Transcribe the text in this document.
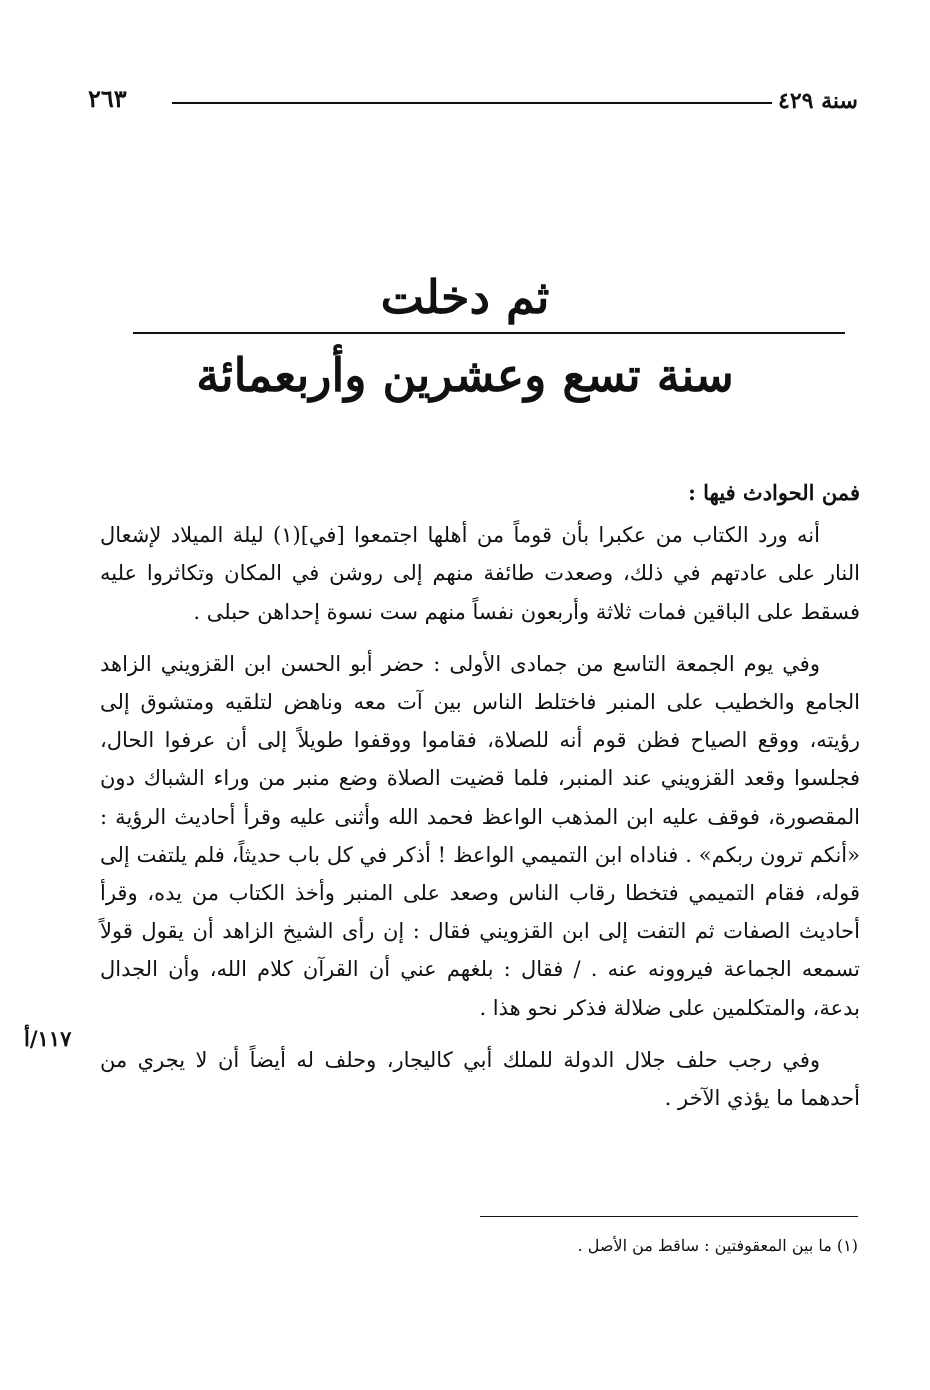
سنة ٤٢٩
٢٦٣
ثم دخلت
سنة تسع وعشرين وأربعمائة

فمن الحوادث فيها :

أنه ورد الكتاب من عكبرا بأن قوماً من أهلها اجتمعوا [في](١) ليلة الميلاد لإشعال النار على عادتهم في ذلك، وصعدت طائفة منهم إلى روشن في المكان وتكاثروا عليه فسقط على الباقين فمات ثلاثة وأربعون نفساً منهم ست نسوة إحداهن حبلى .

وفي يوم الجمعة التاسع من جمادى الأولى : حضر أبو الحسن ابن القزويني الزاهد الجامع والخطيب على المنبر فاختلط الناس بين آت معه وناهض لتلقيه ومتشوق إلى رؤيته، ووقع الصياح فظن قوم أنه للصلاة، فقاموا ووقفوا طويلاً إلى أن عرفوا الحال، فجلسوا وقعد القزويني عند المنبر، فلما قضيت الصلاة وضع منبر من وراء الشباك دون المقصورة، فوقف عليه ابن المذهب الواعظ فحمد الله وأثنى عليه وقرأ أحاديث الرؤية : «أنكم ترون ربكم» . فناداه ابن التميمي الواعظ ! أذكر في كل باب حديثاً، فلم يلتفت إلى قوله، فقام التميمي فتخطا رقاب الناس وصعد على المنبر وأخذ الكتاب من يده، وقرأ أحاديث الصفات ثم التفت إلى ابن القزويني فقال : إن رأى الشيخ الزاهد أن يقول قولاً تسمعه الجماعة فيروونه عنه . / فقال : بلغهم عني أن القرآن كلام الله، وأن الجدال بدعة، والمتكلمين على ضلالة فذكر نحو هذا .

وفي رجب حلف جلال الدولة للملك أبي كاليجار، وحلف له أيضاً أن لا يجري من أحدهما ما يؤذي الآخر .

١١٧/أ
(١) ما بين المعقوفتين : ساقط من الأصل .
